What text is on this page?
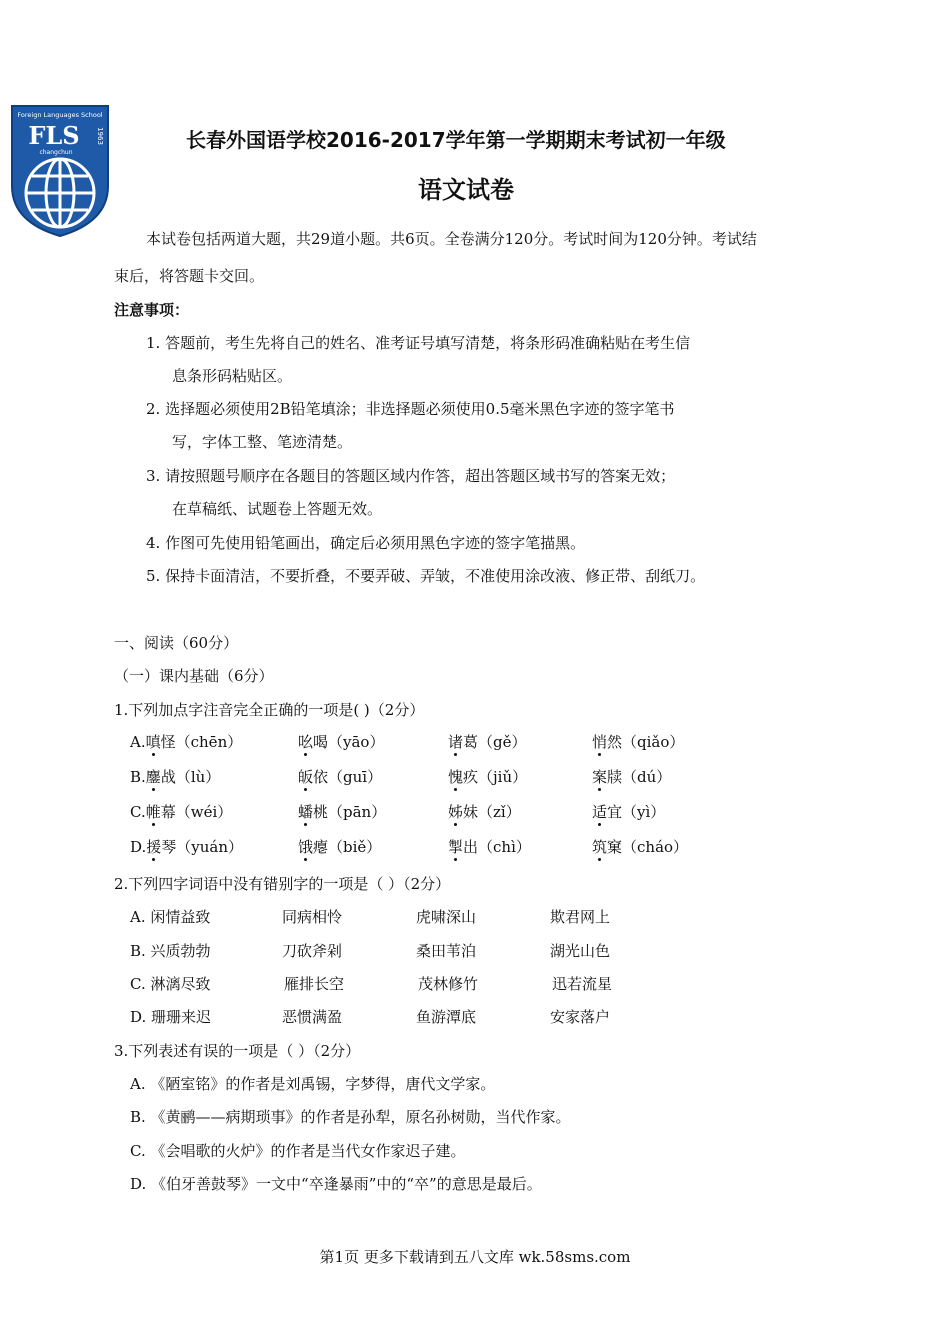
Foreign Languages School
FLS 1963
changchun
长春外国语学校2016-2017学年第一学期期末考试初一年级
语文试卷
本试卷包括两道大题，共29道小题。共6页。全卷满分120分。考试时间为120分钟。考试结
束后，将答题卡交回。
注意事项：
1. 答题前，考生先将自己的姓名、准考证号填写清楚，将条形码准确粘贴在考生信
息条形码粘贴区。
2. 选择题必须使用2B铅笔填涂；非选择题必须使用0.5毫米黑色字迹的签字笔书
写，字体工整、笔迹清楚。
3. 请按照题号顺序在各题目的答题区域内作答，超出答题区域书写的答案无效；
在草稿纸、试题卷上答题无效。
4. 作图可先使用铅笔画出，确定后必须用黑色字迹的签字笔描黑。
5. 保持卡面清洁，不要折叠，不要弄破、弄皱，不准使用涂改液、修正带、刮纸刀。
一、阅读（60分）
（一）课内基础（6分）
1.下列加点字注音完全正确的一项是( )（2分）
A.嗔怪（chēn）	吆喝（yāo）	诸葛（gě）	悄然（qiǎo）
B.鏖战（lù）	皈依（guī）	愧疚（jiǔ）	案牍（dú）
C.帷幕（wéi）	蟠桃（pān）	姊妹（zǐ）	适宜（yì）
D.援琴（yuán）	饿瘪（biě）	掣出（chì）	筑窠（cháo）
2.下列四字词语中没有错别字的一项是（ ）（2分）
A. 闲情益致	同病相怜	虎啸深山	欺君网上
B. 兴质勃勃	刀砍斧剁	桑田苇泊	湖光山色
C. 淋漓尽致	雁排长空	茂林修竹	迅若流星
D. 珊珊来迟	恶惯满盈	鱼游潭底	安家落户
3.下列表述有误的一项是（ ）（2分）
A. 《陋室铭》的作者是刘禹锡，字梦得，唐代文学家。
B. 《黄鹂——病期琐事》的作者是孙犁，原名孙树勋，当代作家。
C. 《会唱歌的火炉》的作者是当代女作家迟子建。
D. 《伯牙善鼓琴》一文中“卒逢暴雨”中的“卒”的意思是最后。
第1页 更多下载请到五八文库 wk.58sms.com
